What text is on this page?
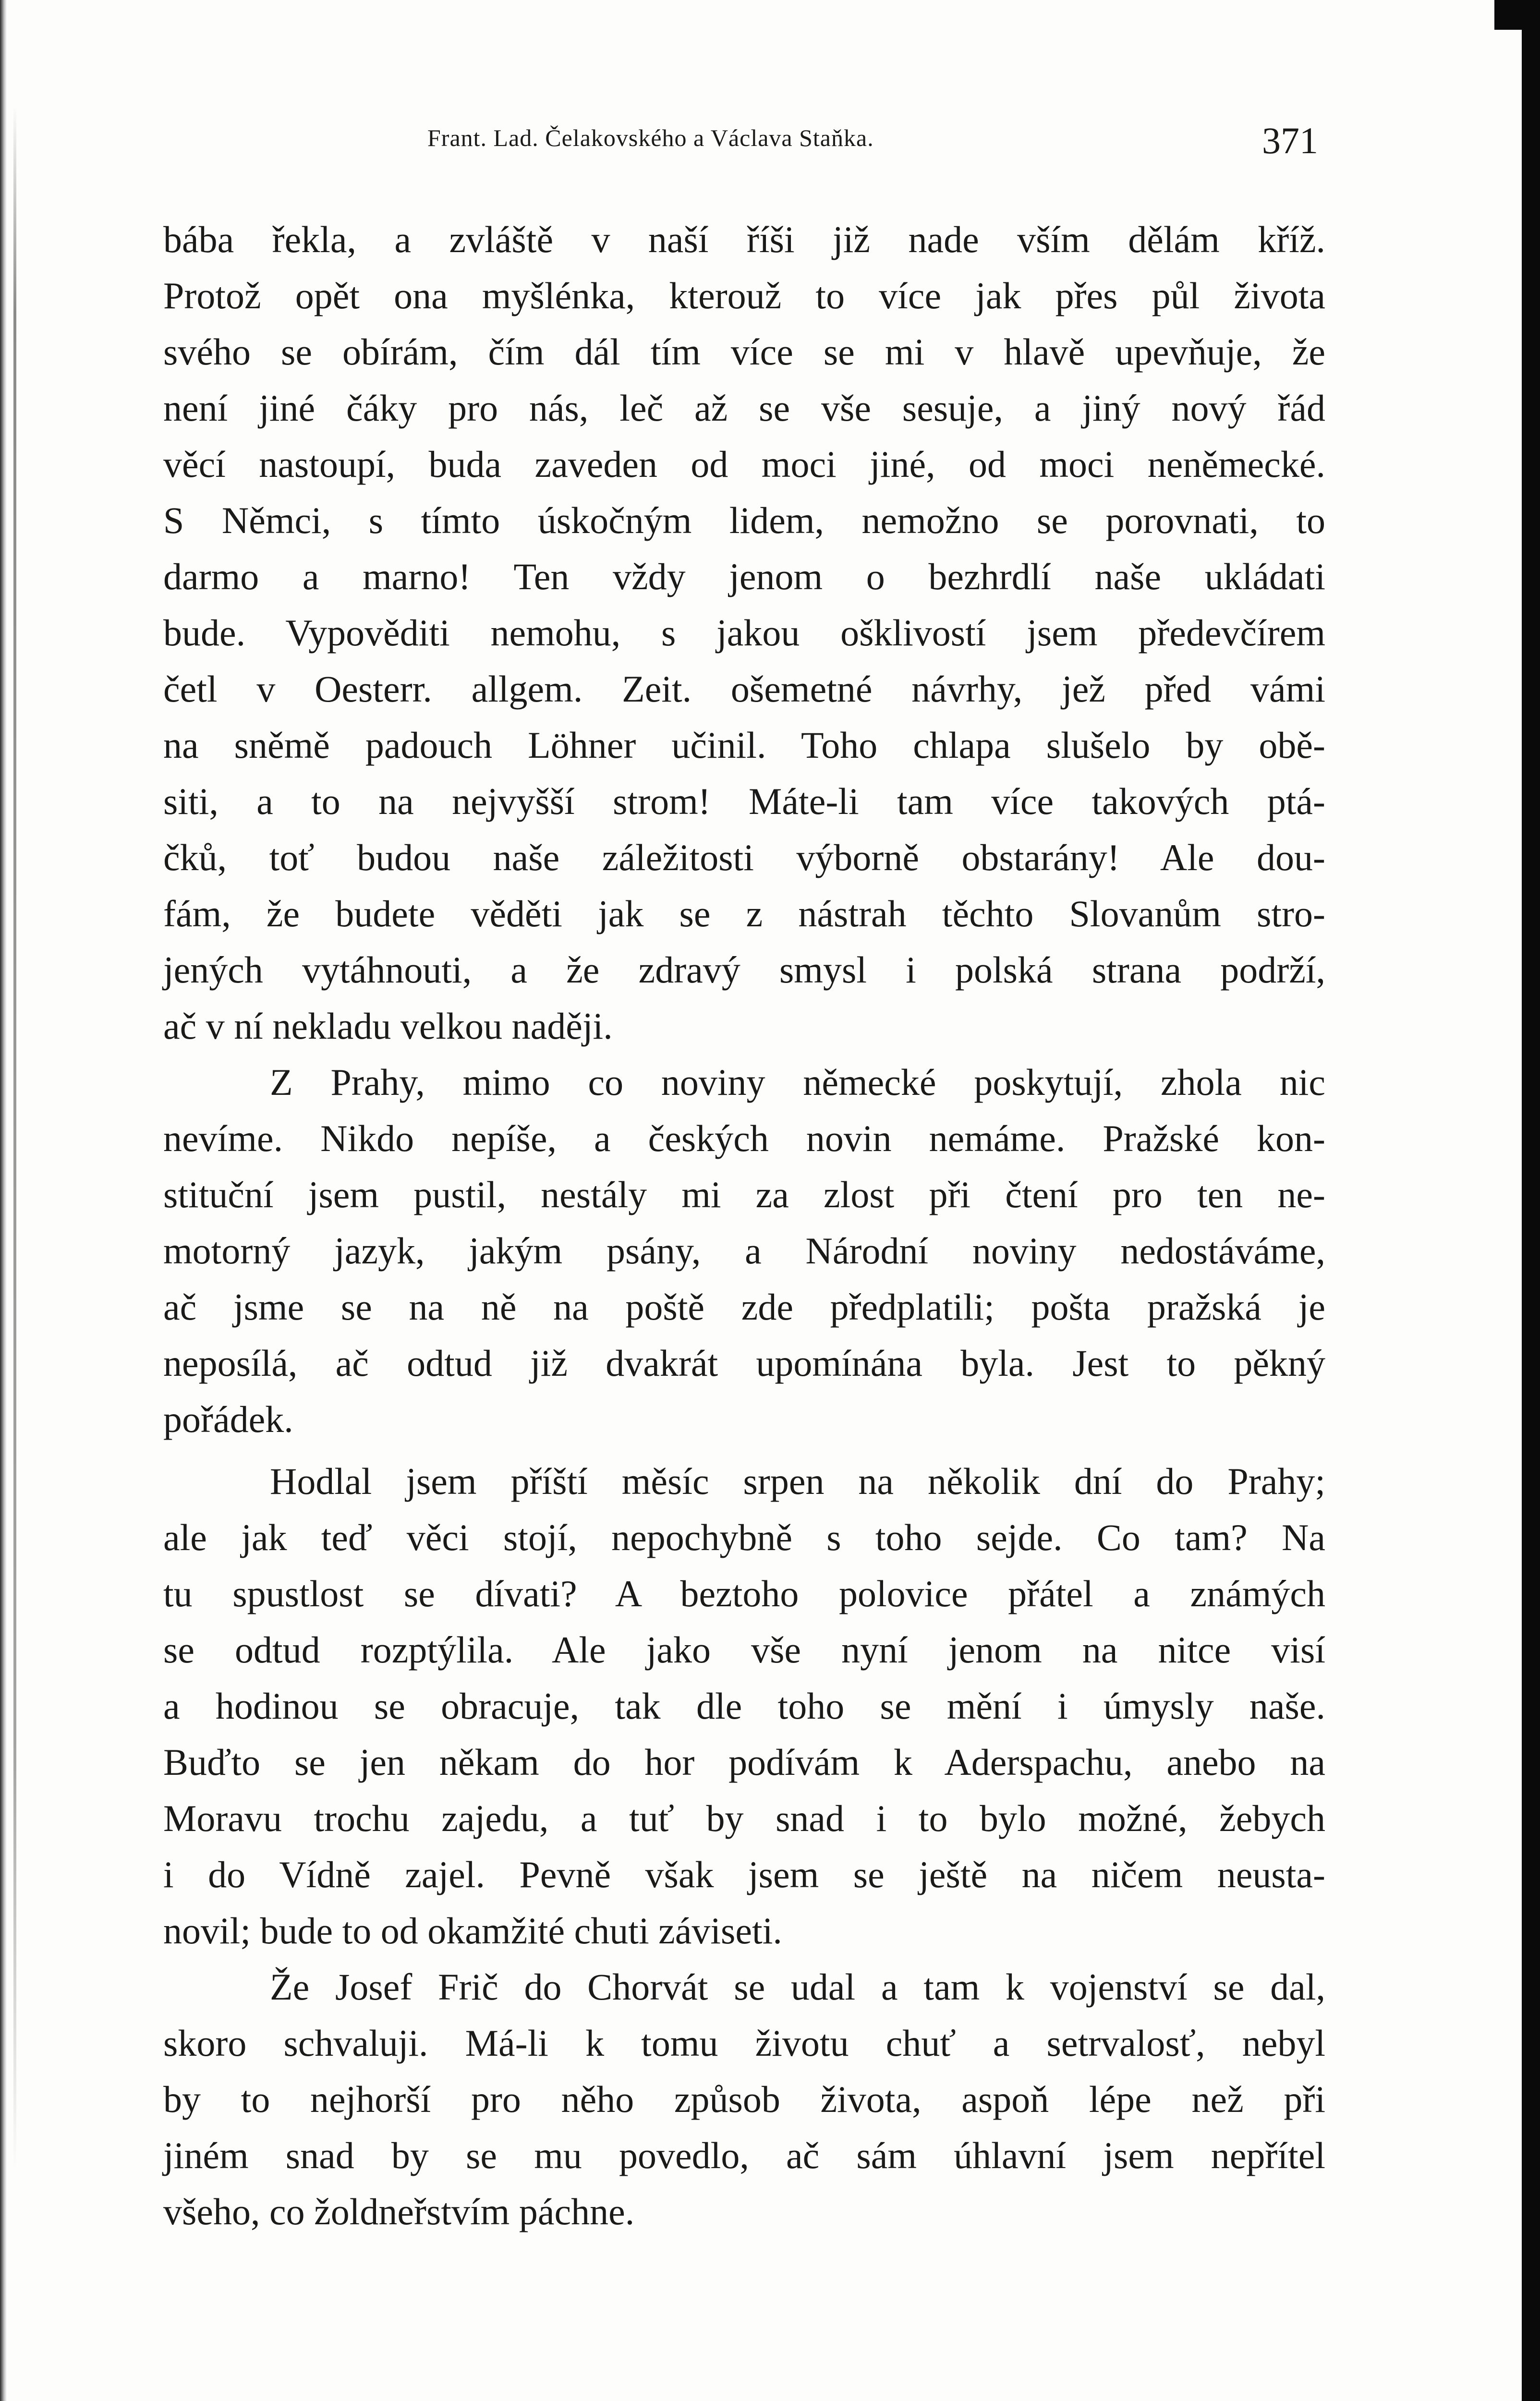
Frant. Lad. Čelakovského a Václava Staňka.	371
bába řekla, a zvláště v naší říši již nade vším dělám kříž.
Protož opět ona myšlénka, kterouž to více jak přes půl života
svého se obírám, čím dál tím více se mi v hlavě upevňuje, že
není jiné čáky pro nás, leč až se vše sesuje, a jiný nový řád
věcí nastoupí, buda zaveden od moci jiné, od moci neněmecké.
S Němci, s tímto úskočným lidem, nemožno se porovnati, to
darmo a marno! Ten vždy jenom o bezhrdlí naše ukládati
bude. Vypověditi nemohu, s jakou ošklivostí jsem předevčírem
četl v Oesterr. allgem. Zeit. ošemetné návrhy, jež před vámi
na sněmě padouch Löhner učinil. Toho chlapa slušelo by obě-
siti, a to na nejvyšší strom! Máte-li tam více takových ptá-
čků, toť budou naše záležitosti výborně obstarány! Ale dou-
fám, že budete věděti jak se z nástrah těchto Slovanům stro-
jených vytáhnouti, a že zdravý smysl i polská strana podrží,
ač v ní nekladu velkou naději.
Z Prahy, mimo co noviny německé poskytují, zhola nic
nevíme. Nikdo nepíše, a českých novin nemáme. Pražské kon-
stituční jsem pustil, nestály mi za zlost při čtení pro ten ne-
motorný jazyk, jakým psány, a Národní noviny nedostáváme,
ač jsme se na ně na poště zde předplatili; pošta pražská je
neposílá, ač odtud již dvakrát upomínána byla. Jest to pěkný
pořádek.
Hodlal jsem příští měsíc srpen na několik dní do Prahy;
ale jak teď věci stojí, nepochybně s toho sejde. Co tam? Na
tu spustlost se dívati? A beztoho polovice přátel a známých
se odtud rozptýlila. Ale jako vše nyní jenom na nitce visí
a hodinou se obracuje, tak dle toho se mění i úmysly naše.
Buďto se jen někam do hor podívám k Aderspachu, anebo na
Moravu trochu zajedu, a tuť by snad i to bylo možné, žebych
i do Vídně zajel. Pevně však jsem se ještě na ničem neusta-
novil; bude to od okamžité chuti záviseti.
Že Josef Frič do Chorvát se udal a tam k vojenství se dal,
skoro schvaluji. Má-li k tomu životu chuť a setrvalosť, nebyl
by to nejhorší pro něho způsob života, aspoň lépe než při
jiném snad by se mu povedlo, ač sám úhlavní jsem nepřítel
všeho, co žoldneřstvím páchne.
